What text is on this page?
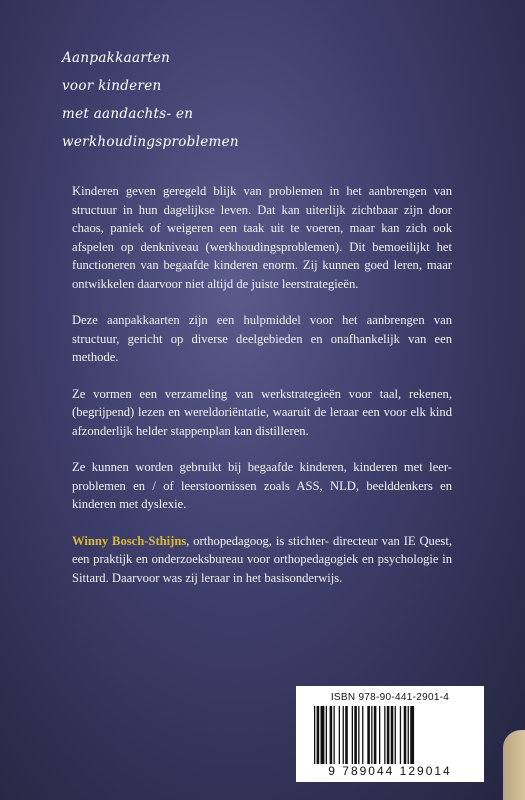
Aanpakkaarten
voor kinderen
met aandachts- en
werkhoudingsproblemen

Kinderen geven geregeld blijk van problemen in het aanbrengen van structuur in hun dagelijkse leven. Dat kan uiterlijk zichtbaar zijn door chaos, paniek of weigeren een taak uit te voeren, maar kan zich ook afspelen op denkniveau (werkhoudingsproblemen). Dit bemoeilijkt het functioneren van begaafde kinderen enorm. Zij kunnen goed leren, maar ontwikkelen daarvoor niet altijd de juiste leerstrategieën.

Deze aanpakkaarten zijn een hulpmiddel voor het aanbrengen van structuur, gericht op diverse deelgebieden en onafhankelijk van een methode.

Ze vormen een verzameling van werkstrategieën voor taal, rekenen, (begrijpend) lezen en wereldoriëntatie, waaruit de leraar een voor elk kind afzonderlijk helder stappenplan kan distilleren.

Ze kunnen worden gebruikt bij begaafde kinderen, kinderen met leer-problemen en / of leerstoornissen zoals ASS, NLD, beelddenkers en kinderen met dyslexie.

Winny Bosch-Sthijns, orthopedagoog, is stichter- directeur van IE Quest, een praktijk en onderzoeksbureau voor orthopedagogiek en psychologie in Sittard. Daarvoor was zij leraar in het basisonderwijs.

ISBN 978-90-441-2901-4
9 789044 129014
